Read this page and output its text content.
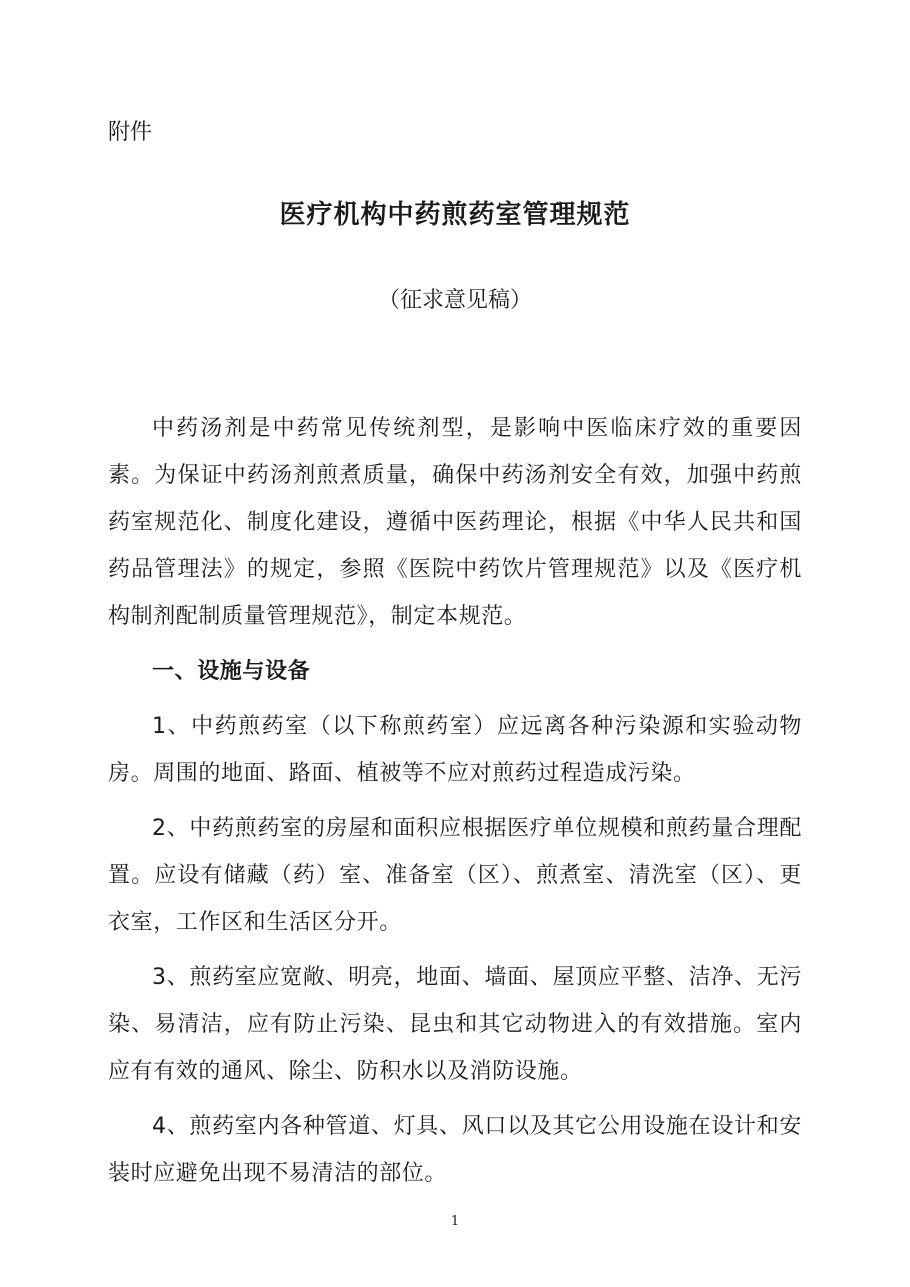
附件

医疗机构中药煎药室管理规范

（征求意见稿）

中药汤剂是中药常见传统剂型，是影响中医临床疗效的重要因素。为保证中药汤剂煎煮质量，确保中药汤剂安全有效，加强中药煎药室规范化、制度化建设，遵循中医药理论，根据《中华人民共和国药品管理法》的规定，参照《医院中药饮片管理规范》以及《医疗机构制剂配制质量管理规范》，制定本规范。

一、设施与设备

1、中药煎药室（以下称煎药室）应远离各种污染源和实验动物房。周围的地面、路面、植被等不应对煎药过程造成污染。

2、中药煎药室的房屋和面积应根据医疗单位规模和煎药量合理配置。应设有储藏（药）室、准备室（区）、煎煮室、清洗室（区）、更衣室，工作区和生活区分开。

3、煎药室应宽敞、明亮，地面、墙面、屋顶应平整、洁净、无污染、易清洁，应有防止污染、昆虫和其它动物进入的有效措施。室内应有有效的通风、除尘、防积水以及消防设施。

4、煎药室内各种管道、灯具、风口以及其它公用设施在设计和安装时应避免出现不易清洁的部位。

1
